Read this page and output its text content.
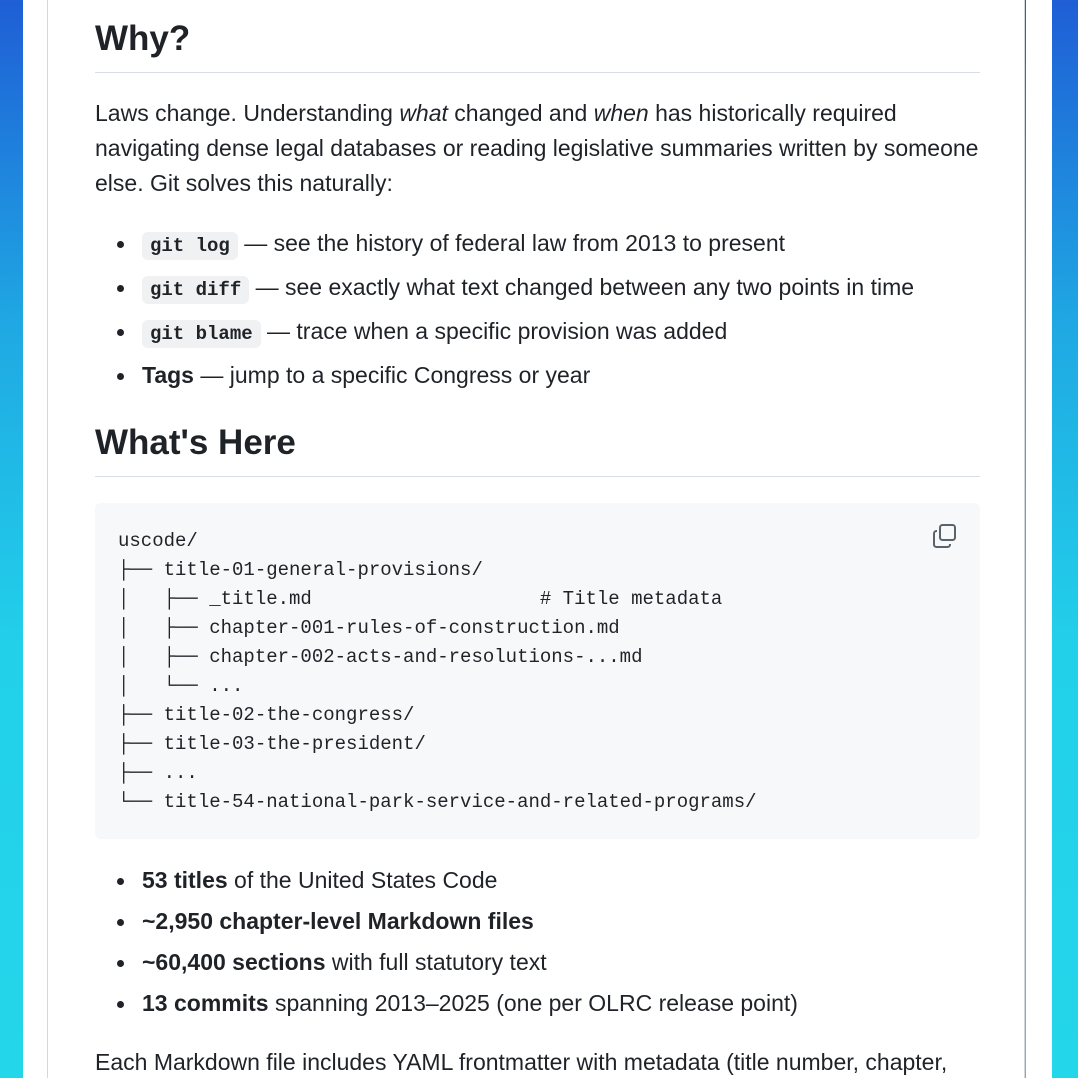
Why?

Laws change. Understanding what changed and when has historically required navigating dense legal databases or reading legislative summaries written by someone else. Git solves this naturally:

git log — see the history of federal law from 2013 to present
git diff — see exactly what text changed between any two points in time
git blame — trace when a specific provision was added
Tags — jump to a specific Congress or year
What's Here
uscode/
├── title-01-general-provisions/
│   ├── _title.md                    # Title metadata
│   ├── chapter-001-rules-of-construction.md
│   ├── chapter-002-acts-and-resolutions-...md
│   └── ...
├── title-02-the-congress/
├── title-03-the-president/
├── ...
└── title-54-national-park-service-and-related-programs/
53 titles of the United States Code
~2,950 chapter-level Markdown files
~60,400 sections with full statutory text
13 commits spanning 2013–2025 (one per OLRC release point)

Each Markdown file includes YAML frontmatter with metadata (title number, chapter,
